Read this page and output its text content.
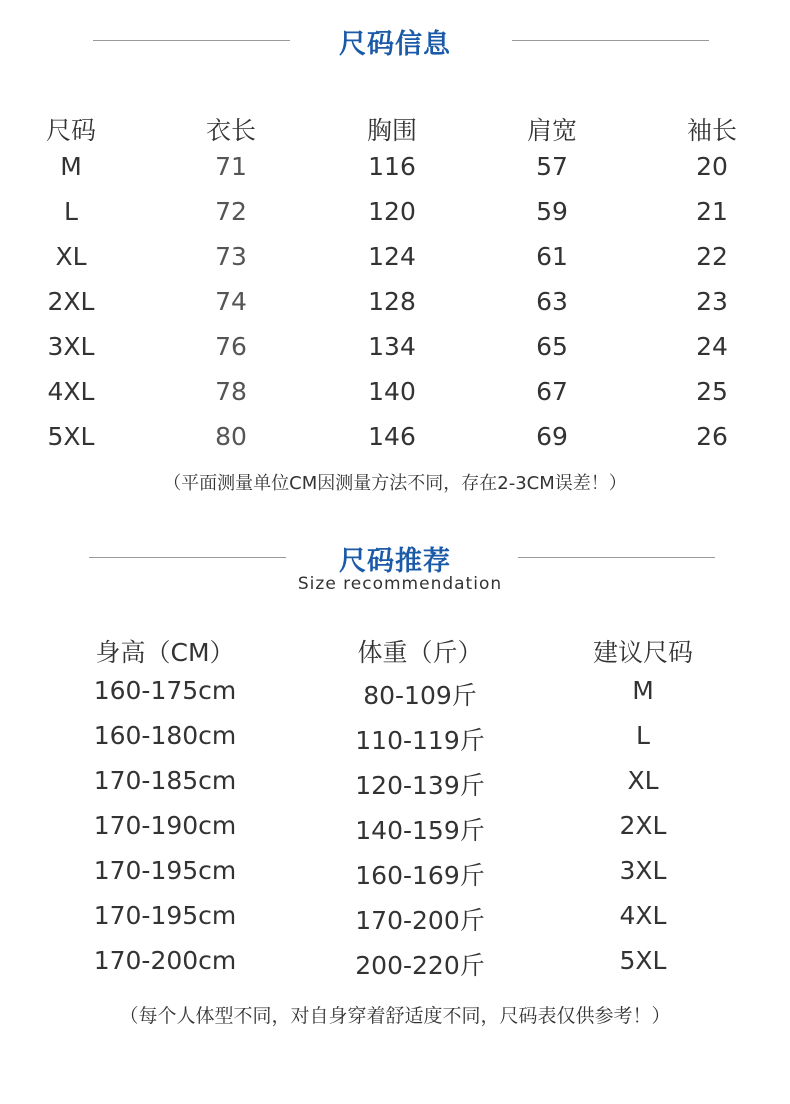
尺码信息
尺码	衣长	胸围	肩宽	袖长
M	71	116	57	20
L	72	120	59	21
XL	73	124	61	22
2XL	74	128	63	23
3XL	76	134	65	24
4XL	78	140	67	25
5XL	80	146	69	26
（平面测量单位CM因测量方法不同，存在2-3CM误差！）
尺码推荐
Size recommendation
身高（CM）	体重（斤）	建议尺码
160-175cm	80-109斤	M
160-180cm	110-119斤	L
170-185cm	120-139斤	XL
170-190cm	140-159斤	2XL
170-195cm	160-169斤	3XL
170-195cm	170-200斤	4XL
170-200cm	200-220斤	5XL
（每个人体型不同，对自身穿着舒适度不同，尺码表仅供参考！）
